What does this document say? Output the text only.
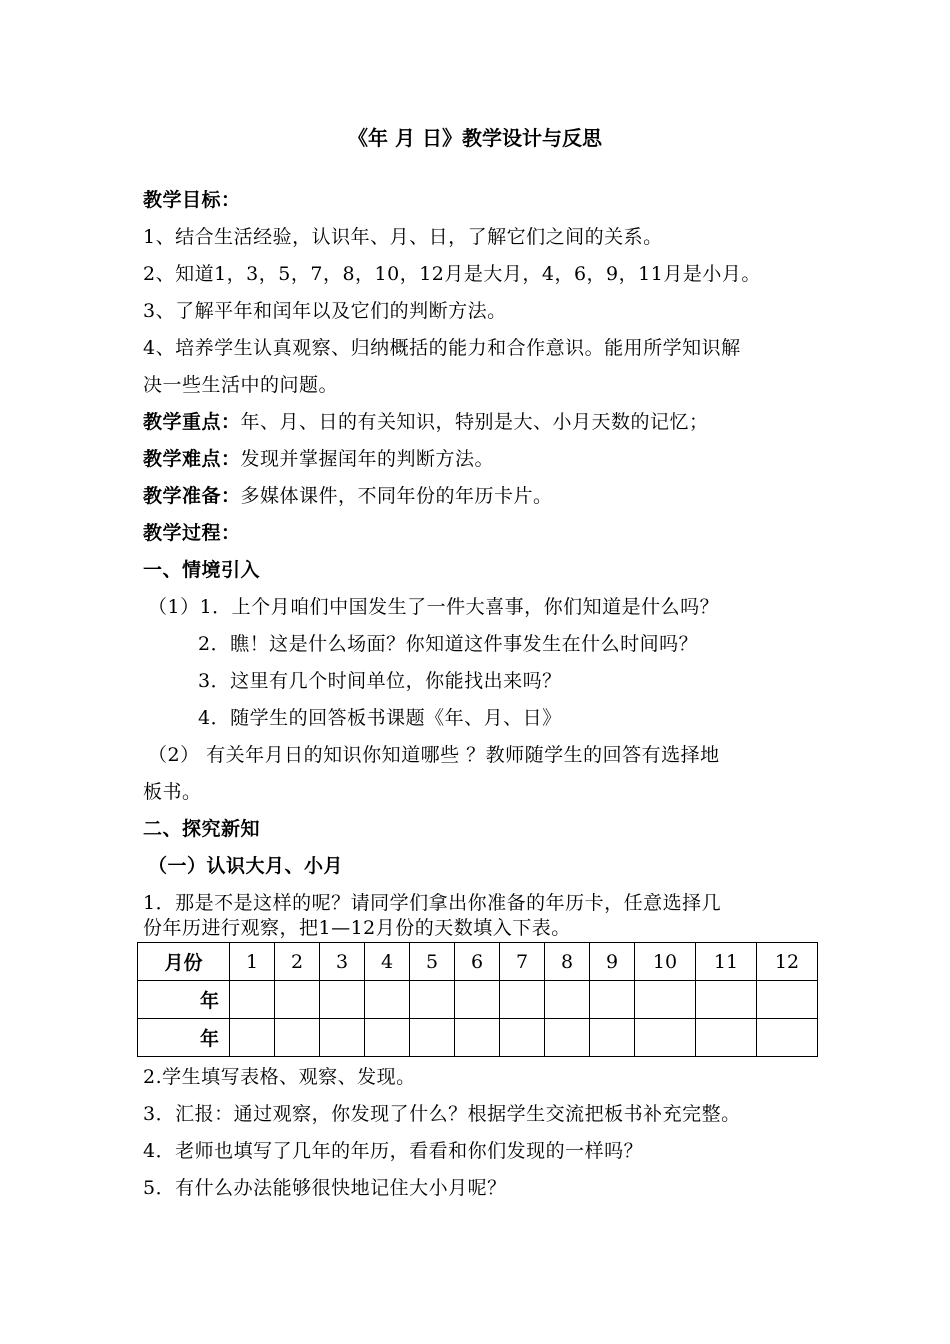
《年 月 日》教学设计与反思
教学目标：
1、结合生活经验，认识年、月、日，了解它们之间的关系。
2、知道1，3，5，7，8，10，12月是大月，4，6，9，11月是小月。
3、了解平年和闰年以及它们的判断方法。
4、培养学生认真观察、归纳概括的能力和合作意识。能用所学知识解
决一些生活中的问题。
教学重点：年、月、日的有关知识，特别是大、小月天数的记忆；
教学难点：发现并掌握闰年的判断方法。
教学准备：多媒体课件，不同年份的年历卡片。
教学过程：
一、情境引入
（1）1．上个月咱们中国发生了一件大喜事，你们知道是什么吗？
2．瞧！这是什么场面？你知道这件事发生在什么时间吗？
3．这里有几个时间单位，你能找出来吗？
4．随学生的回答板书课题《年、月、日》
（2） 有关年月日的知识你知道哪些 ？教师随学生的回答有选择地
板书。
二、探究新知
（一）认识大月、小月
1．那是不是这样的呢？请同学们拿出你准备的年历卡，任意选择几
份年历进行观察，把1—12月份的天数填入下表。
月份	1	2	3	4	5	6	7	8	9	10	11	12
年												
年												
2.学生填写表格、观察、发现。
3．汇报：通过观察，你发现了什么？根据学生交流把板书补充完整。
4．老师也填写了几年的年历，看看和你们发现的一样吗？
5．有什么办法能够很快地记住大小月呢？
